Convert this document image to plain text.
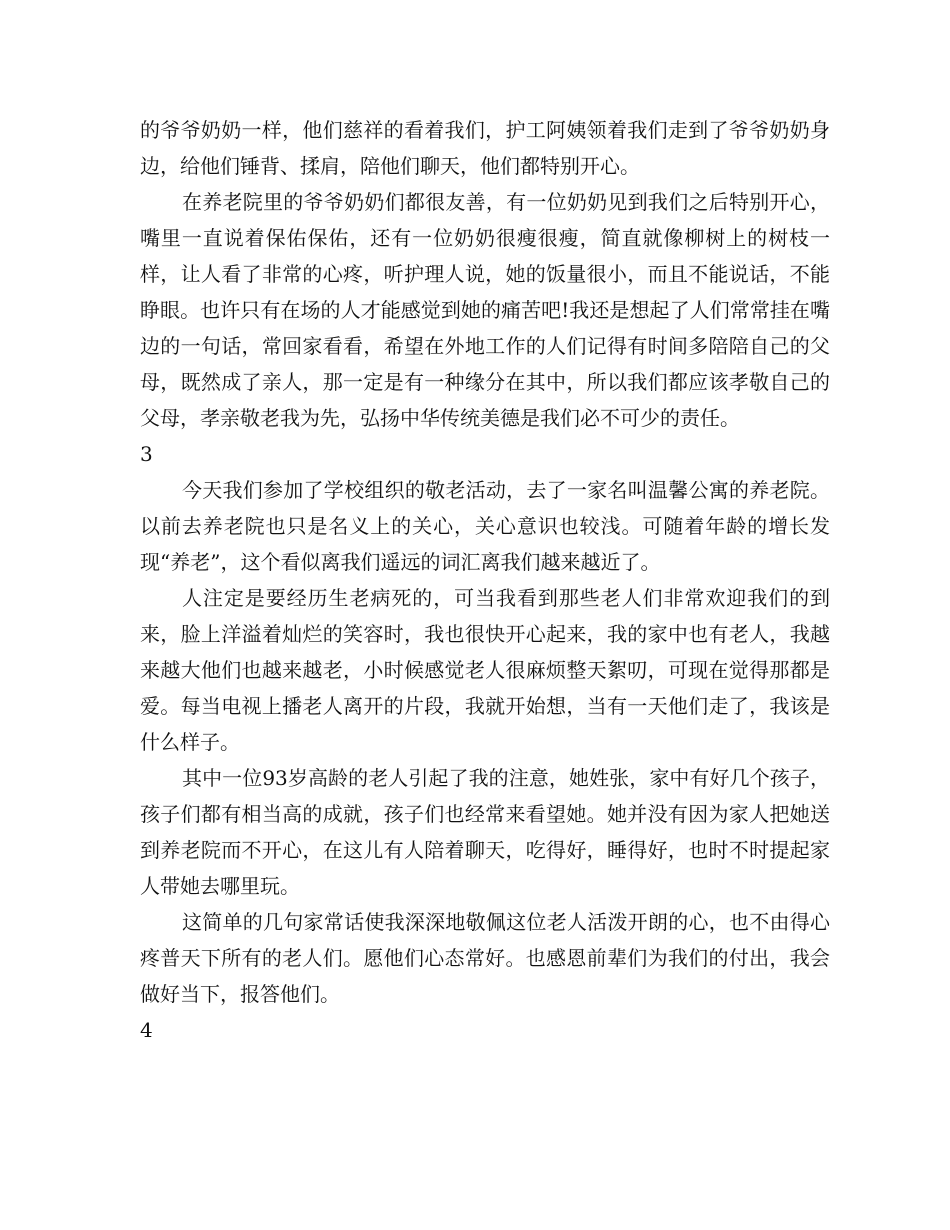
的爷爷奶奶一样，他们慈祥的看着我们，护工阿姨领着我们走到了爷爷奶奶身边，给他们锤背、揉肩，陪他们聊天，他们都特别开心。

在养老院里的爷爷奶奶们都很友善，有一位奶奶见到我们之后特别开心，嘴里一直说着保佑保佑，还有一位奶奶很瘦很瘦，简直就像柳树上的树枝一样，让人看了非常的心疼，听护理人说，她的饭量很小，而且不能说话，不能睁眼。也许只有在场的人才能感觉到她的痛苦吧!我还是想起了人们常常挂在嘴边的一句话，常回家看看，希望在外地工作的人们记得有时间多陪陪自己的父母，既然成了亲人，那一定是有一种缘分在其中，所以我们都应该孝敬自己的父母，孝亲敬老我为先，弘扬中华传统美德是我们必不可少的责任。

3

今天我们参加了学校组织的敬老活动，去了一家名叫温馨公寓的养老院。以前去养老院也只是名义上的关心，关心意识也较浅。可随着年龄的增长发现“养老”，这个看似离我们遥远的词汇离我们越来越近了。

人注定是要经历生老病死的，可当我看到那些老人们非常欢迎我们的到来，脸上洋溢着灿烂的笑容时，我也很快开心起来，我的家中也有老人，我越来越大他们也越来越老，小时候感觉老人很麻烦整天絮叨，可现在觉得那都是爱。每当电视上播老人离开的片段，我就开始想，当有一天他们走了，我该是什么样子。

其中一位93岁高龄的老人引起了我的注意，她姓张，家中有好几个孩子，孩子们都有相当高的成就，孩子们也经常来看望她。她并没有因为家人把她送到养老院而不开心，在这儿有人陪着聊天，吃得好，睡得好，也时不时提起家人带她去哪里玩。

这简单的几句家常话使我深深地敬佩这位老人活泼开朗的心，也不由得心疼普天下所有的老人们。愿他们心态常好。也感恩前辈们为我们的付出，我会做好当下，报答他们。

4
